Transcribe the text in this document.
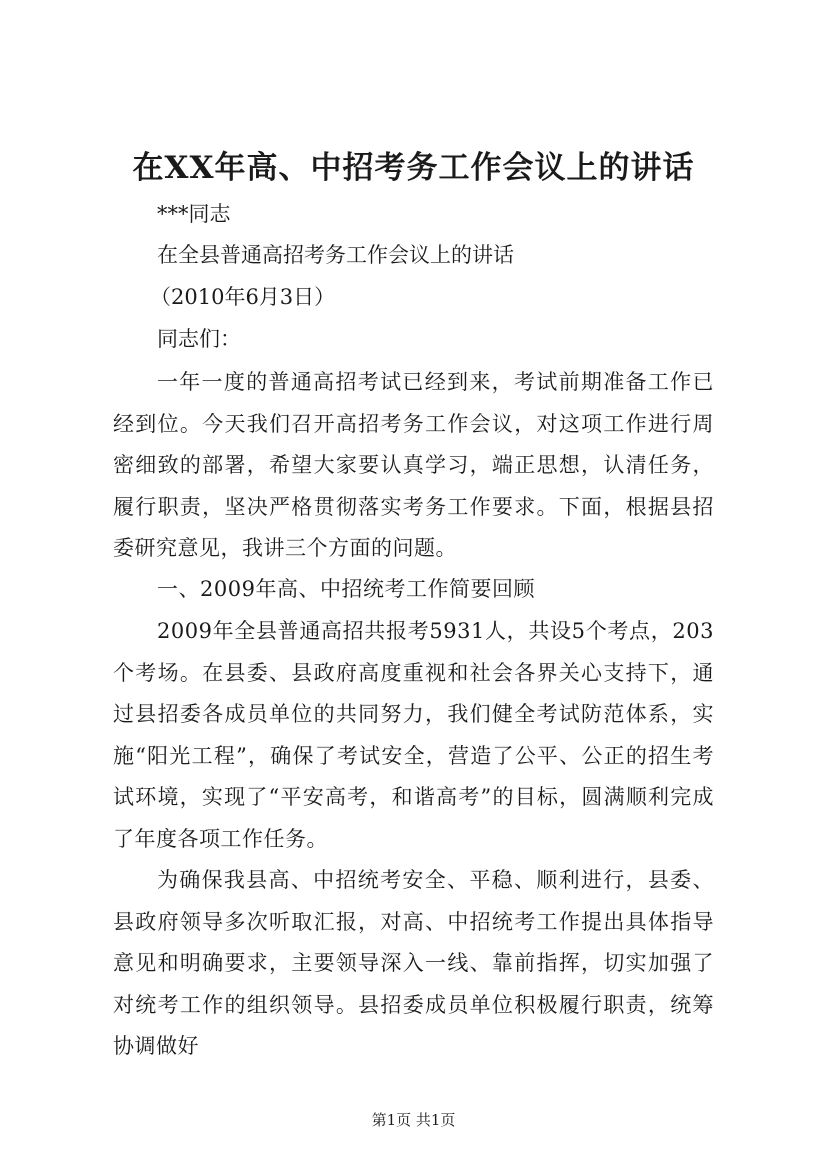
在XX年高、中招考务工作会议上的讲话
***同志
在全县普通高招考务工作会议上的讲话
（2010年6月3日）
同志们：
一年一度的普通高招考试已经到来，考试前期准备工作已经到位。今天我们召开高招考务工作会议，对这项工作进行周密细致的部署，希望大家要认真学习，端正思想，认清任务，履行职责，坚决严格贯彻落实考务工作要求。下面，根据县招委研究意见，我讲三个方面的问题。
一、2009年高、中招统考工作简要回顾
2009年全县普通高招共报考5931人，共设5个考点，203个考场。在县委、县政府高度重视和社会各界关心支持下，通过县招委各成员单位的共同努力，我们健全考试防范体系，实施“阳光工程”，确保了考试安全，营造了公平、公正的招生考试环境，实现了“平安高考，和谐高考”的目标，圆满顺利完成了年度各项工作任务。
为确保我县高、中招统考安全、平稳、顺利进行，县委、县政府领导多次听取汇报，对高、中招统考工作提出具体指导意见和明确要求，主要领导深入一线、靠前指挥，切实加强了对统考工作的组织领导。县招委成员单位积极履行职责，统筹协调做好
第1页 共1页
